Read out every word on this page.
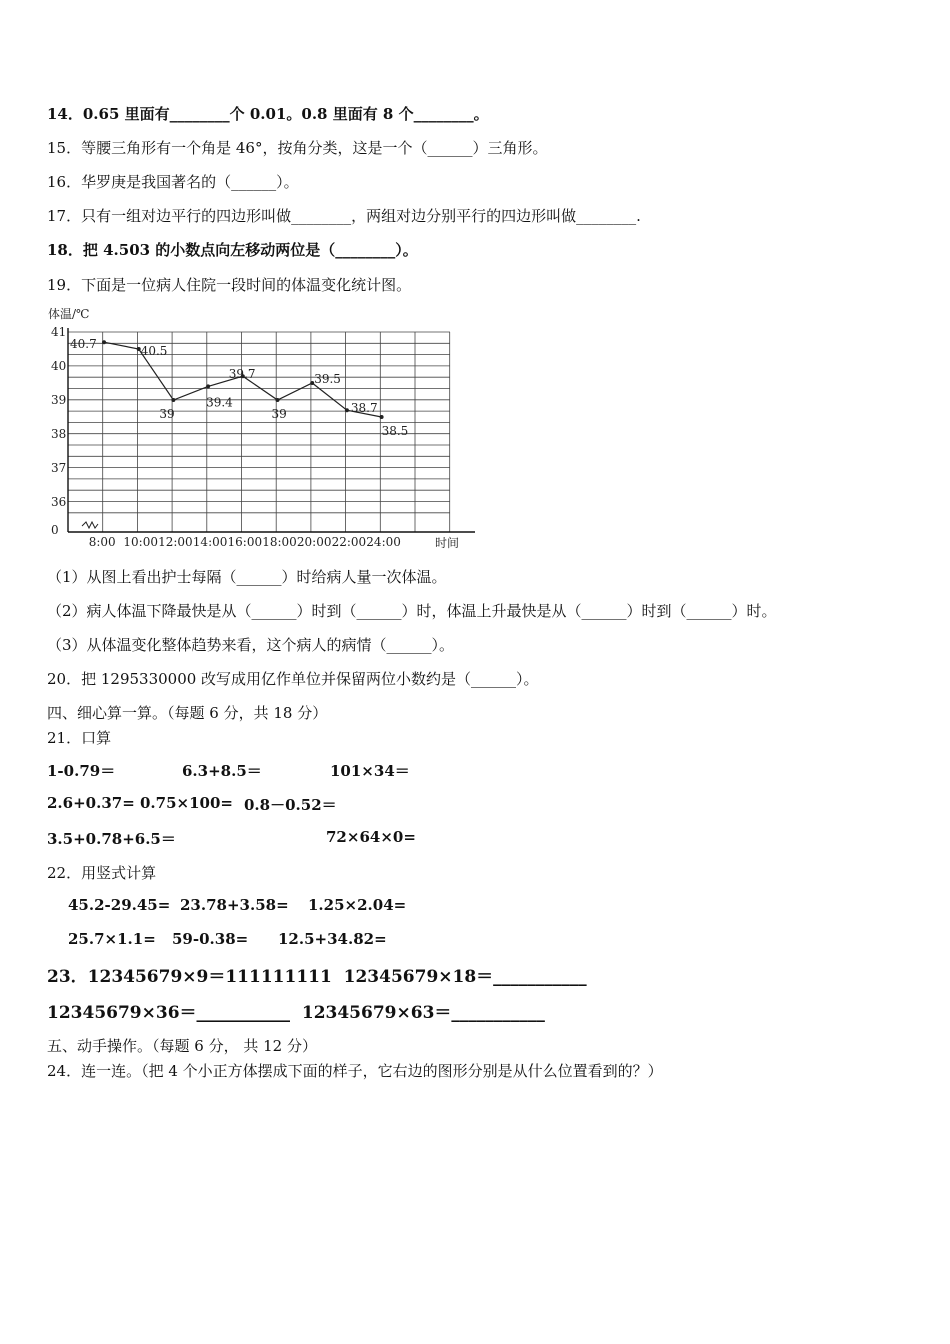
14．0.65 里面有________个 0.01。0.8 里面有 8 个________。
15．等腰三角形有一个角是 46°，按角分类，这是一个（______）三角形。
16．华罗庚是我国著名的（______）。
17．只有一组对边平行的四边形叫做________，两组对边分别平行的四边形叫做________.
18．把 4.503 的小数点向左移动两位是（________）。
19．下面是一位病人住院一段时间的体温变化统计图。
体温/℃
时间
41
40
39
38
37
36
0
8:00 10:00 12:00 14:00 16:00 18:00 20:00 22:00 24:00
40.7	40.5
39
39.4
39.7
39
39.5
38.7
38.5
（1）从图上看出护士每隔（______）时给病人量一次体温。
（2）病人体温下降最快是从（______）时到（______）时，体温上升最快是从（______）时到（______）时。
（3）从体温变化整体趋势来看，这个病人的病情（______）。
20．把 1295330000 改写成用亿作单位并保留两位小数约是（______）。
四、细心算一算。（每题 6 分，共 18 分）
21．口算
1-0.79＝	6.3+8.5＝	101×34＝
2.6+0.37= 0.75×100= 0.8－0.52＝
3.5+0.78+6.5＝	72×64×0=
22．用竖式计算
45.2-29.45= 23.78+3.58= 1.25×2.04=
25.7×1.1= 59-0.38= 12.5+34.82=
23．12345679×9＝111111111  12345679×18＝___________
12345679×36＝___________  12345679×63＝___________
五、动手操作。（每题 6 分， 共 12 分）
24．连一连。（把 4 个小正方体摆成下面的样子，它右边的图形分别是从什么位置看到的？）
